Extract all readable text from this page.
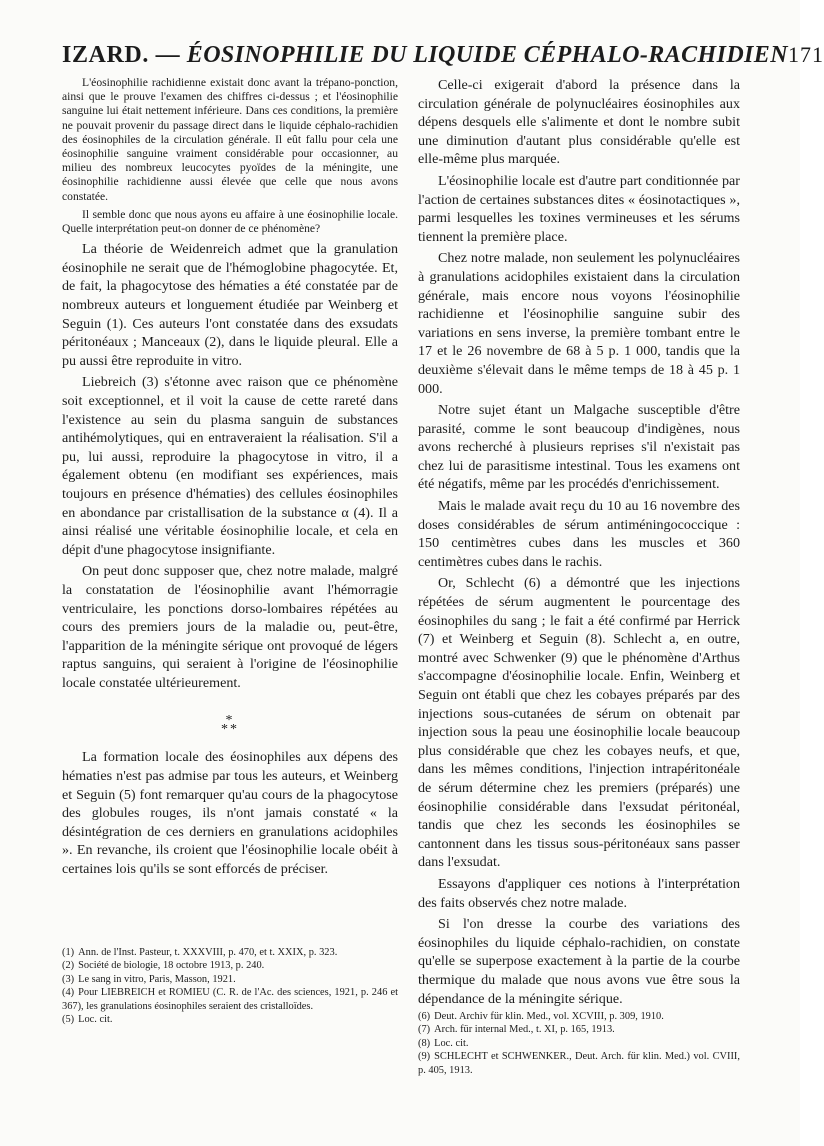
IZARD. — ÉOSINOPHILIE DU LIQUIDE CÉPHALO-RACHIDIEN 171

L'éosinophilie rachidienne existait donc avant la trépano-ponction, ainsi que le prouve l'examen des chiffres ci-dessus ; et l'éosinophilie sanguine lui était nettement inférieure. Dans ces conditions, la première ne pouvait provenir du passage direct dans le liquide céphalo-rachidien des éosinophiles de la circulation générale. Il eût fallu pour cela une éosinophilie sanguine vraiment considérable pour occasionner, au milieu des nombreux leucocytes pyoïdes de la méningite, une éosinophilie rachidienne aussi élevée que celle que nous avons constatée.

Il semble donc que nous ayons eu affaire à une éosinophilie locale. Quelle interprétation peut-on donner de ce phénomène?

La théorie de Weidenreich admet que la granulation éosinophile ne serait que de l'hémoglobine phagocytée. Et, de fait, la phagocytose des hématies a été constatée par de nombreux auteurs et longuement étudiée par Weinberg et Seguin (1). Ces auteurs l'ont constatée dans des exsudats péritonéaux ; Manceaux (2), dans le liquide pleural. Elle a pu aussi être reproduite in vitro.

Liebreich (3) s'étonne avec raison que ce phénomène soit exceptionnel, et il voit la cause de cette rareté dans l'existence au sein du plasma sanguin de substances antihémolytiques, qui en entraveraient la réalisation. S'il a pu, lui aussi, reproduire la phagocytose in vitro, il a également obtenu (en modifiant ses expériences, mais toujours en présence d'hématies) des cellules éosinophiles en abondance par cristallisation de la substance α (4). Il a ainsi réalisé une véritable éosinophilie locale, et cela en dépit d'une phagocytose insignifiante.

On peut donc supposer que, chez notre malade, malgré la constatation de l'éosinophilie avant l'hémorragie ventriculaire, les ponctions dorso-lombaires répétées au cours des premiers jours de la maladie ou, peut-être, l'apparition de la méningite sérique ont provoqué de légers raptus sanguins, qui seraient à l'origine de l'éosinophilie locale constatée ultérieurement.

*
**

La formation locale des éosinophiles aux dépens des hématies n'est pas admise par tous les auteurs, et Weinberg et Seguin (5) font remarquer qu'au cours de la phagocytose des globules rouges, ils n'ont jamais constaté « la désintégration de ces derniers en granulations acidophiles ». En revanche, ils croient que l'éosinophilie locale obéit à certaines lois qu'ils se sont efforcés de préciser.

(1) Ann. de l'Inst. Pasteur, t. XXXVIII, p. 470, et t. XXIX, p. 323.
(2) Société de biologie, 18 octobre 1913, p. 240.
(3) Le sang in vitro, Paris, Masson, 1921.
(4) Pour LIEBREICH et ROMIEU (C. R. de l'Ac. des sciences, 1921, p. 246 et 367), les granulations éosinophiles seraient des cristalloïdes.
(5) Loc. cit.

Celle-ci exigerait d'abord la présence dans la circulation générale de polynucléaires éosinophiles aux dépens desquels elle s'alimente et dont le nombre subit une diminution d'autant plus considérable qu'elle est elle-même plus marquée.

L'éosinophilie locale est d'autre part conditionnée par l'action de certaines substances dites « éosinotactiques », parmi lesquelles les toxines vermineuses et les sérums tiennent la première place.

Chez notre malade, non seulement les polynucléaires à granulations acidophiles existaient dans la circulation générale, mais encore nous voyons l'éosinophilie rachidienne et l'éosinophilie sanguine subir des variations en sens inverse, la première tombant entre le 17 et le 26 novembre de 68 à 5 p. 1 000, tandis que la deuxième s'élevait dans le même temps de 18 à 45 p. 1 000.

Notre sujet étant un Malgache susceptible d'être parasité, comme le sont beaucoup d'indigènes, nous avons recherché à plusieurs reprises s'il n'existait pas chez lui de parasitisme intestinal. Tous les examens ont été négatifs, même par les procédés d'enrichissement.

Mais le malade avait reçu du 10 au 16 novembre des doses considérables de sérum antiméningococcique : 150 centimètres cubes dans les muscles et 360 centimètres cubes dans le rachis.

Or, Schlecht (6) a démontré que les injections répétées de sérum augmentent le pourcentage des éosinophiles du sang ; le fait a été confirmé par Herrick (7) et Weinberg et Seguin (8). Schlecht a, en outre, montré avec Schwenker (9) que le phénomène d'Arthus s'accompagne d'éosinophilie locale. Enfin, Weinberg et Seguin ont établi que chez les cobayes préparés par des injections sous-cutanées de sérum on obtenait par injection sous la peau une éosinophilie locale beaucoup plus considérable que chez les cobayes neufs, et que, dans les mêmes conditions, l'injection intrapéritonéale de sérum détermine chez les premiers (préparés) une éosinophilie considérable dans l'exsudat péritonéal, tandis que chez les seconds les éosinophiles se cantonnent dans les tissus sous-péritonéaux sans passer dans l'exsudat.

Essayons d'appliquer ces notions à l'interprétation des faits observés chez notre malade.

Si l'on dresse la courbe des variations des éosinophiles du liquide céphalo-rachidien, on constate qu'elle se superpose exactement à la partie de la courbe thermique du malade que nous avons vue être sous la dépendance de la méningite sérique.

(6) Deut. Archiv für klin. Med., vol. XCVIII, p. 309, 1910.
(7) Arch. für internal Med., t. XI, p. 165, 1913.
(8) Loc. cit.
(9) SCHLECHT et SCHWENKER., Deut. Arch. für klin. Med.) vol. CVIII, p. 405, 1913.
